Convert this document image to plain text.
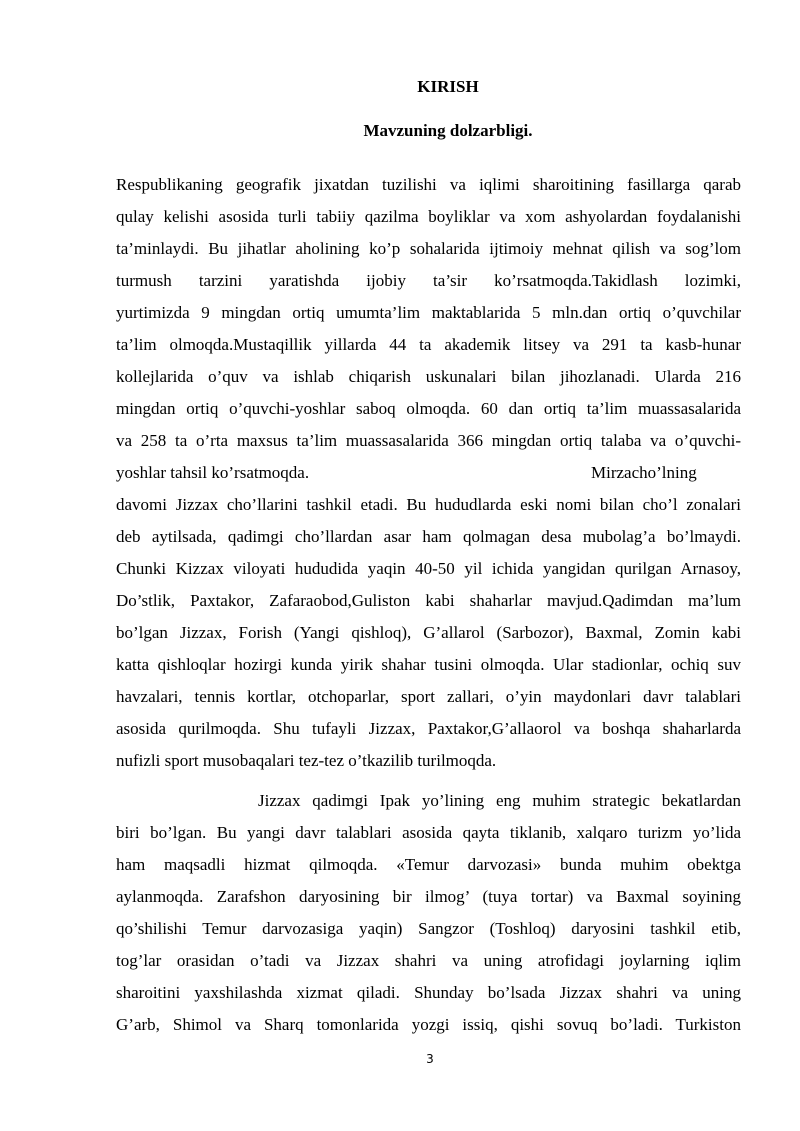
KIRISH
Mavzuning dolzarbligi.
Respublikaning geografik jixatdan tuzilishi va iqlimi sharoitining fasillarga qarab
qulay kelishi asosida turli tabiiy qazilma boyliklar va xom ashyolardan foydalanishi
ta’minlaydi. Bu jihatlar aholining ko’p sohalarida ijtimoiy mehnat qilish va sog’lom
turmush tarzini yaratishda ijobiy ta’sir ko’rsatmoqda.Takidlash lozimki,
yurtimizda 9 mingdan ortiq umumta’lim maktablarida 5 mln.dan ortiq o’quvchilar
ta’lim olmoqda.Mustaqillik yillarda 44 ta akademik litsey va 291 ta kasb-hunar
kollejlarida o’quv va ishlab chiqarish uskunalari bilan jihozlanadi. Ularda 216
mingdan ortiq o’quvchi-yoshlar saboq olmoqda. 60 dan ortiq ta’lim muassasalarida
va 258 ta o’rta maxsus ta’lim muassasalarida 366 mingdan ortiq talaba va o’quvchi-
yoshlar tahsil ko’rsatmoqda.	Mirzacho’lning
davomi Jizzax cho’llarini tashkil etadi. Bu hududlarda eski nomi bilan cho’l zonalari
deb aytilsada, qadimgi cho’llardan asar ham qolmagan desa mubolag’a bo’lmaydi.
Chunki Kizzax viloyati hududida yaqin 40-50 yil ichida yangidan qurilgan Arnasoy,
Do’stlik, Paxtakor, Zafaraobod,Guliston kabi shaharlar mavjud.Qadimdan ma’lum
bo’lgan Jizzax, Forish (Yangi qishloq), G’allarol (Sarbozor), Baxmal, Zomin kabi
katta qishloqlar hozirgi kunda yirik shahar tusini olmoqda. Ular stadionlar, ochiq suv
havzalari, tennis kortlar, otchoparlar, sport zallari, o’yin maydonlari davr talablari
asosida qurilmoqda. Shu tufayli Jizzax, Paxtakor,G’allaorol va boshqa shaharlarda
nufizli sport musobaqalari tez-tez o’tkazilib turilmoqda.
Jizzax qadimgi Ipak yo’lining eng muhim strategic bekatlardan
biri bo’lgan. Bu yangi davr talablari asosida qayta tiklanib, xalqaro turizm yo’lida
ham maqsadli hizmat qilmoqda. «Temur darvozasi» bunda muhim obektga
aylanmoqda. Zarafshon daryosining bir ilmog’ (tuya tortar) va Baxmal soyining
qo’shilishi Temur darvozasiga yaqin) Sangzor (Toshloq) daryosini tashkil etib,
tog’lar orasidan o’tadi va Jizzax shahri va uning atrofidagi joylarning iqlim
sharoitini yaxshilashda xizmat qiladi. Shunday bo’lsada Jizzax shahri va uning
G’arb, Shimol va Sharq tomonlarida yozgi issiq, qishi sovuq bo’ladi. Turkiston
3
